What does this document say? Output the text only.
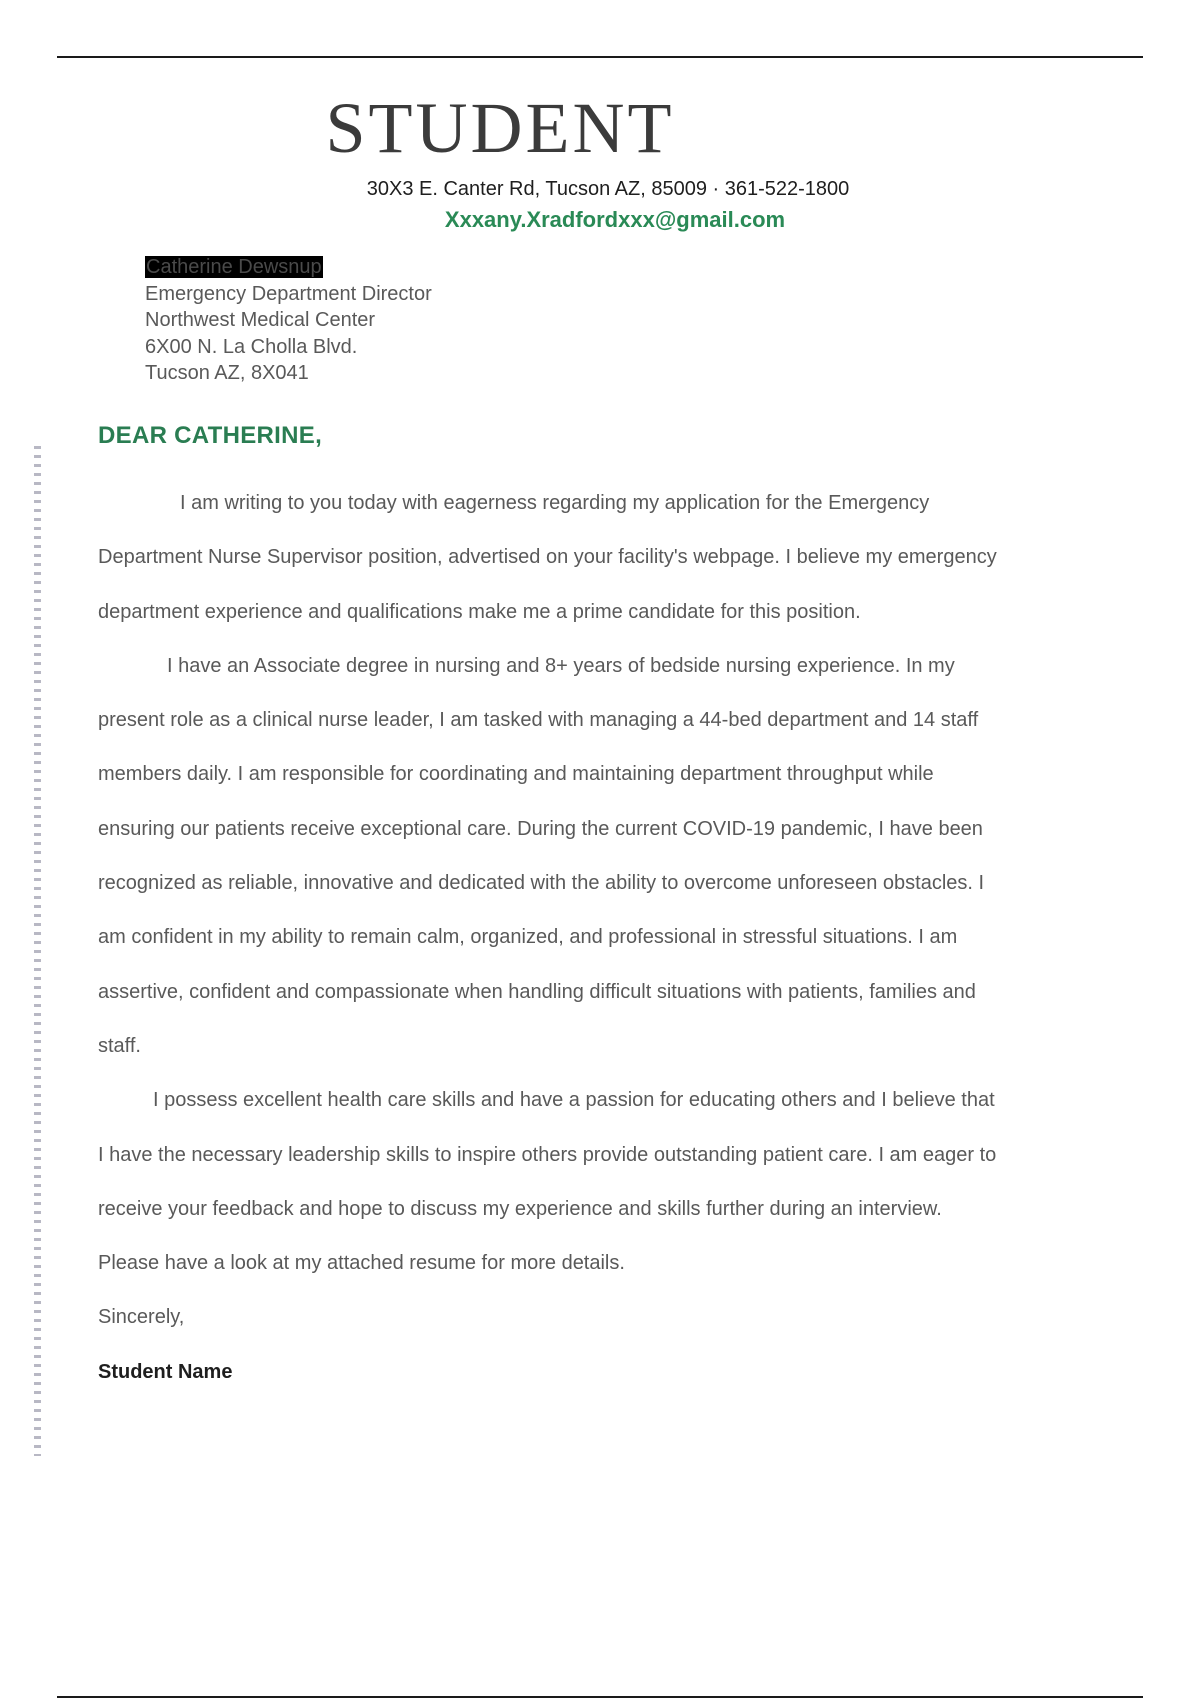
STUDENT
30X3 E. Canter Rd, Tucson AZ, 85009 · 361-522-1800
Xxxany.Xradfordxxx@gmail.com
Catherine Dewsnup
Emergency Department Director
Northwest Medical Center
6X00 N. La Cholla Blvd.
Tucson AZ, 8X041
DEAR CATHERINE,

I am writing to you today with eagerness regarding my application for the Emergency Department Nurse Supervisor position, advertised on your facility's webpage. I believe my emergency department experience and qualifications make me a prime candidate for this position.

I have an Associate degree in nursing and 8+ years of bedside nursing experience. In my present role as a clinical nurse leader, I am tasked with managing a 44-bed department and 14 staff members daily. I am responsible for coordinating and maintaining department throughput while ensuring our patients receive exceptional care. During the current COVID-19 pandemic, I have been recognized as reliable, innovative and dedicated with the ability to overcome unforeseen obstacles. I am confident in my ability to remain calm, organized, and professional in stressful situations. I am assertive, confident and compassionate when handling difficult situations with patients, families and staff.

I possess excellent health care skills and have a passion for educating others and I believe that I have the necessary leadership skills to inspire others provide outstanding patient care. I am eager to receive your feedback and hope to discuss my experience and skills further during an interview. Please have a look at my attached resume for more details.

Sincerely,

Student Name
